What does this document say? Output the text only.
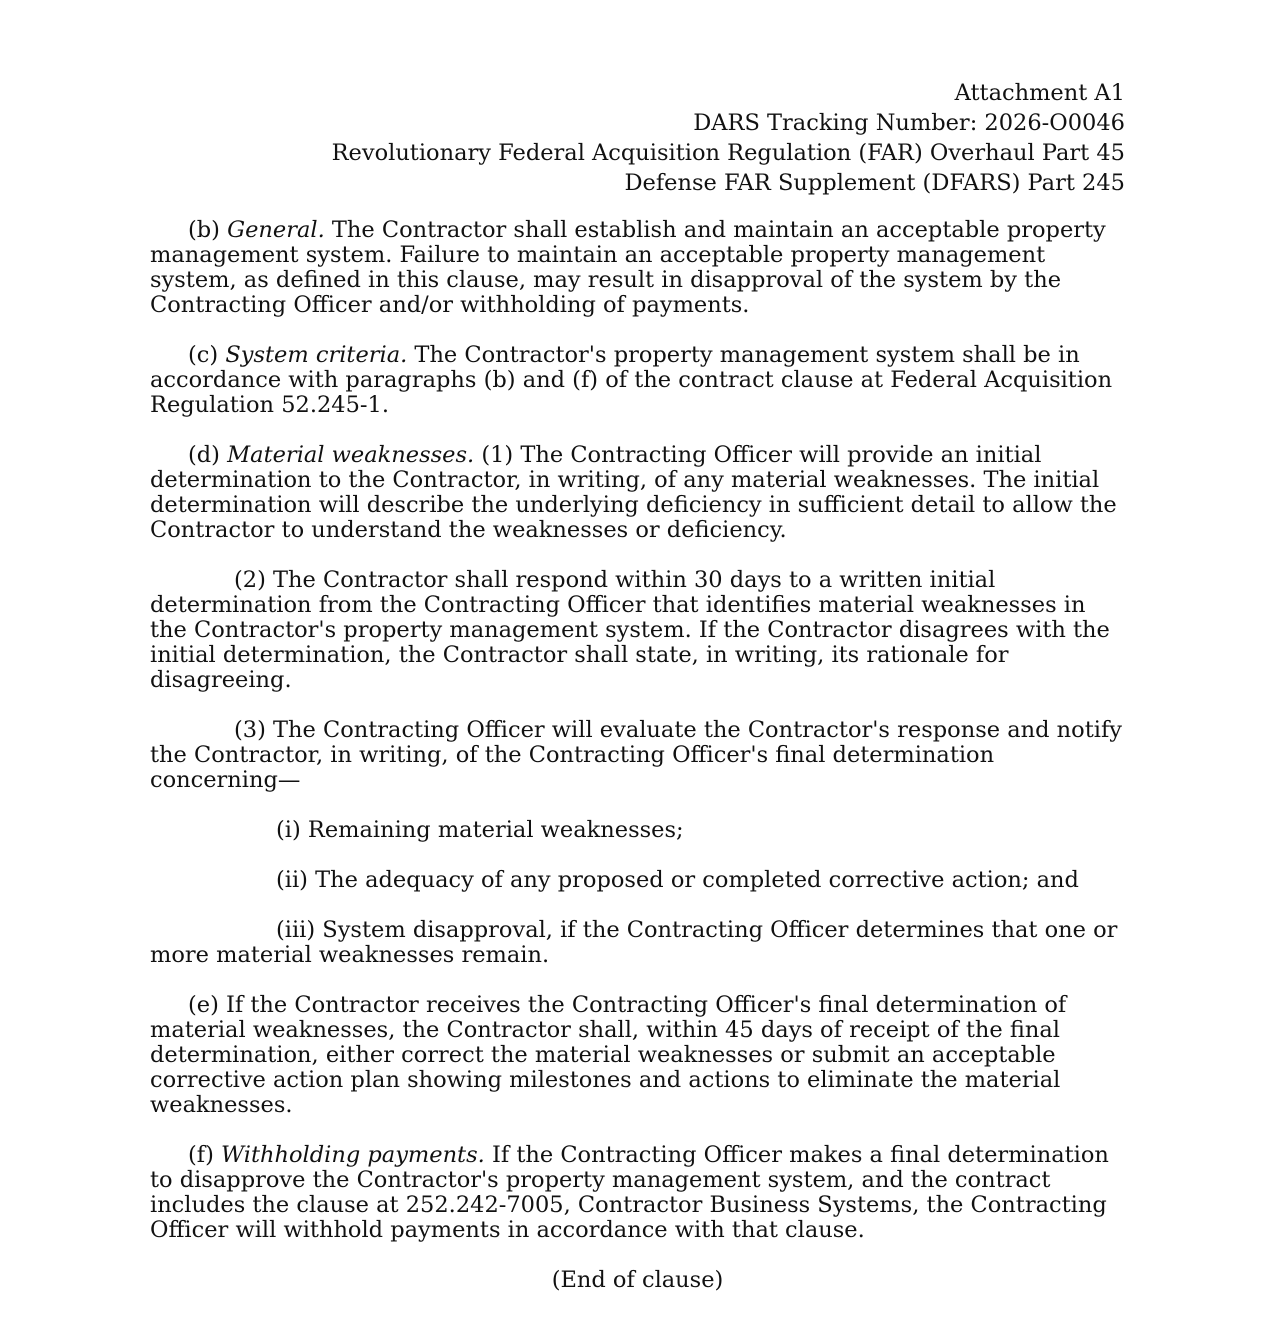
Attachment A1
DARS Tracking Number: 2026-O0046
Revolutionary Federal Acquisition Regulation (FAR) Overhaul Part 45
Defense FAR Supplement (DFARS) Part 245

(b) General. The Contractor shall establish and maintain an acceptable property management system. Failure to maintain an acceptable property management system, as defined in this clause, may result in disapproval of the system by the Contracting Officer and/or withholding of payments.

(c) System criteria. The Contractor's property management system shall be in accordance with paragraphs (b) and (f) of the contract clause at Federal Acquisition Regulation 52.245-1.

(d) Material weaknesses. (1) The Contracting Officer will provide an initial determination to the Contractor, in writing, of any material weaknesses. The initial determination will describe the underlying deficiency in sufficient detail to allow the Contractor to understand the weaknesses or deficiency.

(2) The Contractor shall respond within 30 days to a written initial determination from the Contracting Officer that identifies material weaknesses in the Contractor's property management system. If the Contractor disagrees with the initial determination, the Contractor shall state, in writing, its rationale for disagreeing.

(3) The Contracting Officer will evaluate the Contractor's response and notify the Contractor, in writing, of the Contracting Officer's final determination concerning—

(i) Remaining material weaknesses;

(ii) The adequacy of any proposed or completed corrective action; and

(iii) System disapproval, if the Contracting Officer determines that one or more material weaknesses remain.

(e) If the Contractor receives the Contracting Officer's final determination of material weaknesses, the Contractor shall, within 45 days of receipt of the final determination, either correct the material weaknesses or submit an acceptable corrective action plan showing milestones and actions to eliminate the material weaknesses.

(f) Withholding payments. If the Contracting Officer makes a final determination to disapprove the Contractor's property management system, and the contract includes the clause at 252.242-7005, Contractor Business Systems, the Contracting Officer will withhold payments in accordance with that clause.

(End of clause)
